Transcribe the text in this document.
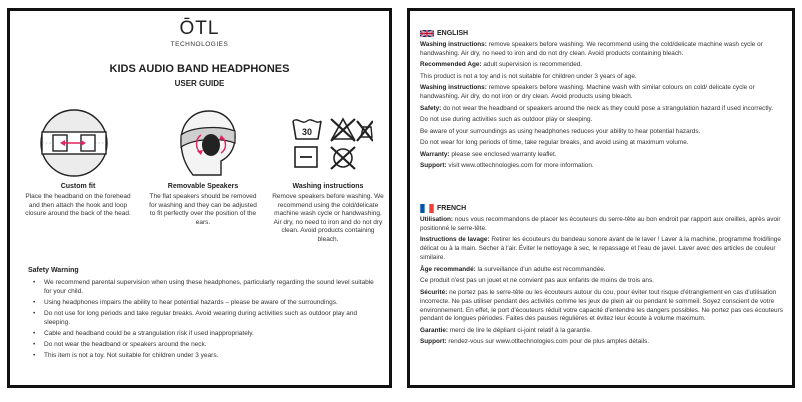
ŌTL
TECHNOLOGIES
KIDS AUDIO BAND HEADPHONES
USER GUIDE
30
Custom fit
Place the headband on the forehead and then attach the hook and loop closure around the back of the head.
Removable Speakers
The flat speakers should be removed for washing and they can be adjusted to fit perfectly over the position of the ears.
Washing instructions
Remove speakers before washing. We recommend using the cold/delicate machine wash cycle or handwashing. Air dry, no need to iron and do not dry clean. Avoid products containing bleach.
Safety Warning
• We recommend parental supervision when using these headphones, particularly regarding the sound level suitable for your child.
• Using headphones impairs the ability to hear potential hazards – please be aware of the surroundings.
• Do not use for long periods and take regular breaks. Avoid wearing during activities such as outdoor play and sleeping.
• Cable and headband could be a strangulation risk if used inappropriately.
• Do not wear the headband or speakers around the neck.
• This item is not a toy. Not suitable for children under 3 years.
ENGLISH

Washing instructions: remove speakers before washing. We recommend using the cold/delicate machine wash cycle or handwashing. Air dry, no need to iron and do not dry clean. Avoid products containing bleach.

Recommended Age: adult supervision is recommended.

This product is not a toy and is not suitable for children under 3 years of age.

Washing instructions: remove speakers before washing. Machine wash with similar colours on cold/ delicate cycle or handwashing. Air dry, do not iron or dry clean. Avoid products using bleach.

Safety: do not wear the headband or speakers around the neck as they could pose a strangulation hazard if used incorrectly.

Do not use during activities such as outdoor play or sleeping.

Be aware of your surroundings as using headphones reduces your ability to hear potential hazards.

Do not wear for long periods of time, take regular breaks, and avoid using at maximum volume.

Warranty: please see enclosed warranty leaflet.

Support: visit www.otltechnologies.com for more information.

FRENCH

Utilisation: nous vous recommandons de placer les écouteurs du serre-tête au bon endroit par rapport aux oreilles, après avoir positionné le serre-tête.

Instructions de lavage: Retirer les écouteurs du bandeau sonore avant de le laver ! Laver à la machine, programme froid/linge délicat ou à la main. Sécher à l'air. Éviter le nettoyage à sec, le repassage et l'eau de javel. Laver avec des articles de couleur similaire.

Âge recommandé: la surveillance d'un adulte est recommandée.

Ce produit n'est pas un jouet et ne convient pas aux enfants de moins de trois ans.

Sécurité: ne portez pas le serre-tête ou les écouteurs autour du cou, pour éviter tout risque d'étranglement en cas d'utilisation incorrecte. Ne pas utiliser pendant des activités comme les jeux de plein air ou pendant le sommeil. Soyez conscient de votre environnement. En effet, le port d'écouteurs réduit votre capacité d'entendre les dangers possibles. Ne portez pas ces écouteurs pendant de longues périodes. Faites des pauses régulières et évitez leur écoute à volume maximum.

Garantie: merci de lire le dépliant ci-joint relatif à la garantie.

Support: rendez-vous sur www.otltechnologies.com pour de plus amples détails.
